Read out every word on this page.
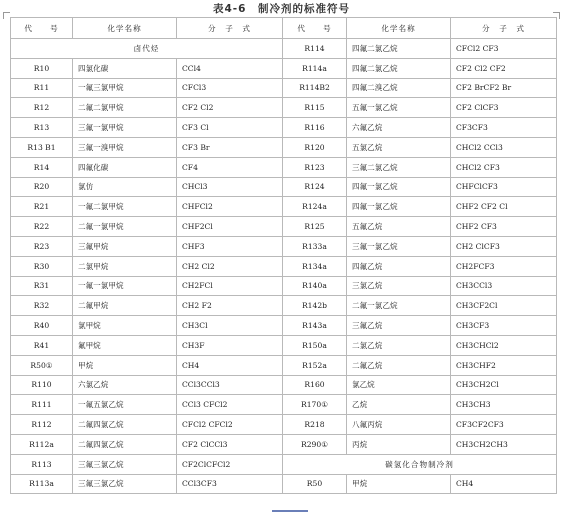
表4-6　制冷剂的标准符号
代　　号	化学名称	分　子　式	代　　号	化学名称	分　子　式
卤代烃			R114	四氟二氯乙烷	CFCl2 CF3
R10	四氯化碳	CCl4	R114a	四氟二氯乙烷	CF2 Cl2 CF2
R11	一氟三氯甲烷	CFCl3	R114B2	四氟二溴乙烷	CF2 BrCF2 Br
R12	二氟二氯甲烷	CF2 Cl2	R115	五氟一氯乙烷	CF2 ClCF3
R13	三氟一氯甲烷	CF3 Cl	R116	六氟乙烷	CF3CF3
R13 B1	三氟一溴甲烷	CF3 Br	R120	五氯乙烷	CHCl2 CCl3
R14	四氟化碳	CF4	R123	三氟二氯乙烷	CHCl2 CF3
R20	氯仿	CHCl3	R124	四氟一氯乙烷	CHFClCF3
R21	一氟二氯甲烷	CHFCl2	R124a	四氟一氯乙烷	CHF2 CF2 Cl
R22	二氟一氯甲烷	CHF2Cl	R125	五氟乙烷	CHF2 CF3
R23	三氟甲烷	CHF3	R133a	三氟一氯乙烷	CH2 ClCF3
R30	二氯甲烷	CH2 Cl2	R134a	四氟乙烷	CH2FCF3
R31	一氟一氯甲烷	CH2FCl	R140a	三氯乙烷	CH3CCl3
R32	二氟甲烷	CH2 F2	R142b	二氟一氯乙烷	CH3CF2Cl
R40	氯甲烷	CH3Cl	R143a	三氟乙烷	CH3CF3
R41	氟甲烷	CH3F	R150a	二氯乙烷	CH3CHCl2
R50①	甲烷	CH4	R152a	二氟乙烷	CH3CHF2
R110	六氯乙烷	CCl3CCl3	R160	氯乙烷	CH3CH2Cl
R111	一氟五氯乙烷	CCl3 CFCl2	R170①	乙烷	CH3CH3
R112	二氟四氯乙烷	CFCl2 CFCl2	R218	八氟丙烷	CF3CF2CF3
R112a	二氟四氯乙烷	CF2 ClCCl3	R290①	丙烷	CH3CH2CH3
R113	三氟三氯乙烷	CF2ClCFCl2	碳氢化合物制冷剂		
R113a	三氟三氯乙烷	CCl3CF3	R50	甲烷	CH4
